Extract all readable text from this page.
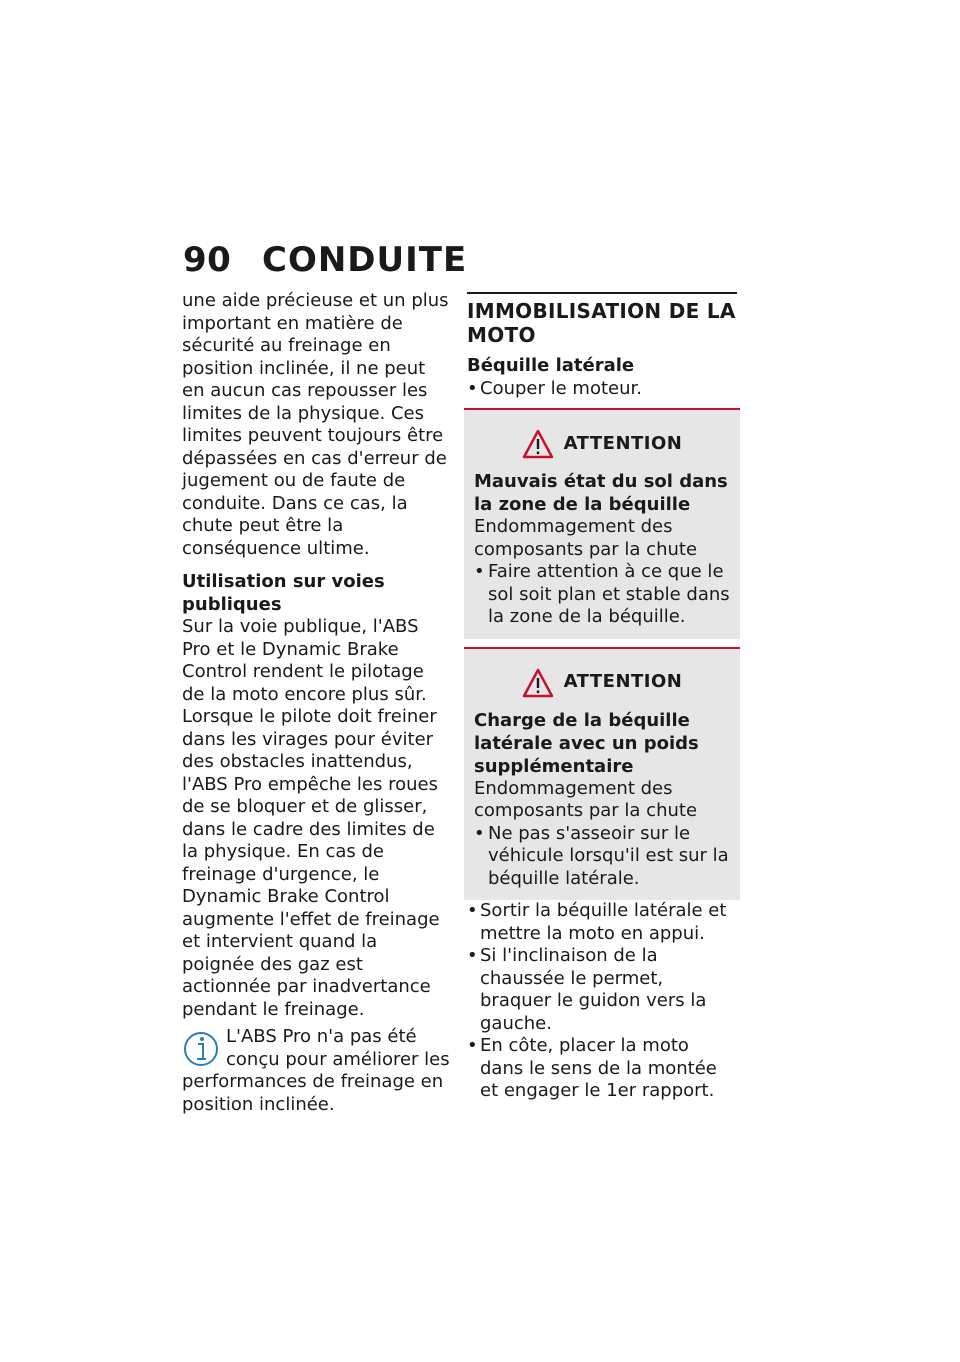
90 CONDUITE

une aide précieuse et un plus important en matière de sécurité au freinage en position inclinée, il ne peut en aucun cas repousser les limites de la physique. Ces limites peuvent toujours être dépassées en cas d'erreur de jugement ou de faute de conduite. Dans ce cas, la chute peut être la conséquence ultime.

Utilisation sur voies publiques

Sur la voie publique, l'ABS Pro et le Dynamic Brake Control rendent le pilotage de la moto encore plus sûr. Lorsque le pilote doit freiner dans les virages pour éviter des obstacles inattendus, l'ABS Pro empêche les roues de se bloquer et de glisser, dans le cadre des limites de la physique. En cas de freinage d'urgence, le Dynamic Brake Control augmente l'effet de freinage et intervient quand la poignée des gaz est actionnée par inadvertance pendant le freinage.

L'ABS Pro n'a pas été

conçu pour améliorer les

performances de freinage en position inclinée.

IMMOBILISATION DE LA MOTO

Béquille latérale

• Couper le moteur.
ATTENTION

Mauvais état du sol dans la zone de la béquille

Endommagement des composants par la chute

• Faire attention à ce que le sol soit plan et stable dans la zone de la béquille.
ATTENTION

Charge de la béquille latérale avec un poids supplémentaire

Endommagement des composants par la chute

• Ne pas s'asseoir sur le véhicule lorsqu'il est sur la béquille latérale.
• Sortir la béquille latérale et mettre la moto en appui.
• Si l'inclinaison de la chaussée le permet, braquer le guidon vers la gauche.
• En côte, placer la moto dans le sens de la montée et engager le 1er rapport.
